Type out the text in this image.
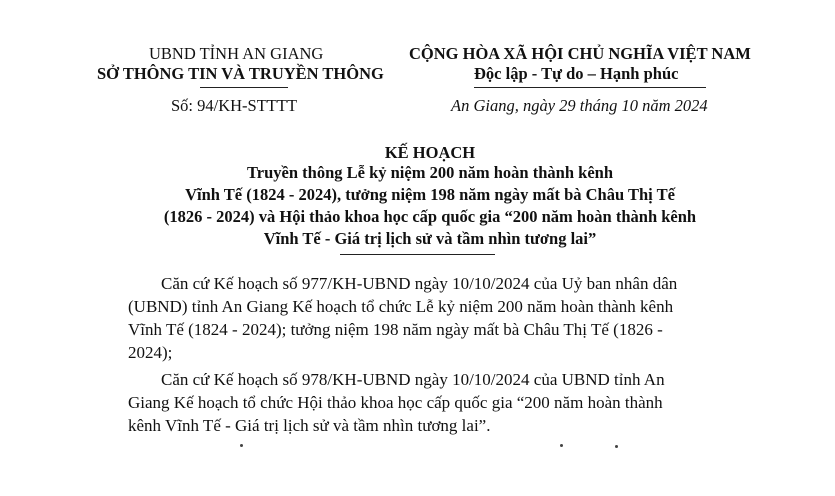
UBND TỈNH AN GIANG
SỞ THÔNG TIN VÀ TRUYỀN THÔNG
Số: 94/KH-STTTT
CỘNG HÒA XÃ HỘI CHỦ NGHĨA VIỆT NAM
Độc lập - Tự do – Hạnh phúc
An Giang, ngày 29 tháng 10 năm 2024
KẾ HOẠCH
Truyền thông Lễ kỷ niệm 200 năm hoàn thành kênh
Vĩnh Tế (1824 - 2024), tưởng niệm 198 năm ngày mất bà Châu Thị Tế
(1826 - 2024) và Hội thảo khoa học cấp quốc gia “200 năm hoàn thành kênh
Vĩnh Tế - Giá trị lịch sử và tầm nhìn tương lai”
Căn cứ Kế hoạch số 977/KH-UBND ngày 10/10/2024 của Uỷ ban nhân dân
(UBND) tỉnh An Giang Kế hoạch tổ chức Lễ kỷ niệm 200 năm hoàn thành kênh
Vĩnh Tế (1824 - 2024); tưởng niệm 198 năm ngày mất bà Châu Thị Tế (1826 -
2024);
Căn cứ Kế hoạch số 978/KH-UBND ngày 10/10/2024 của UBND tỉnh An
Giang Kế hoạch tổ chức Hội thảo khoa học cấp quốc gia “200 năm hoàn thành
kênh Vĩnh Tế - Giá trị lịch sử và tầm nhìn tương lai”.
